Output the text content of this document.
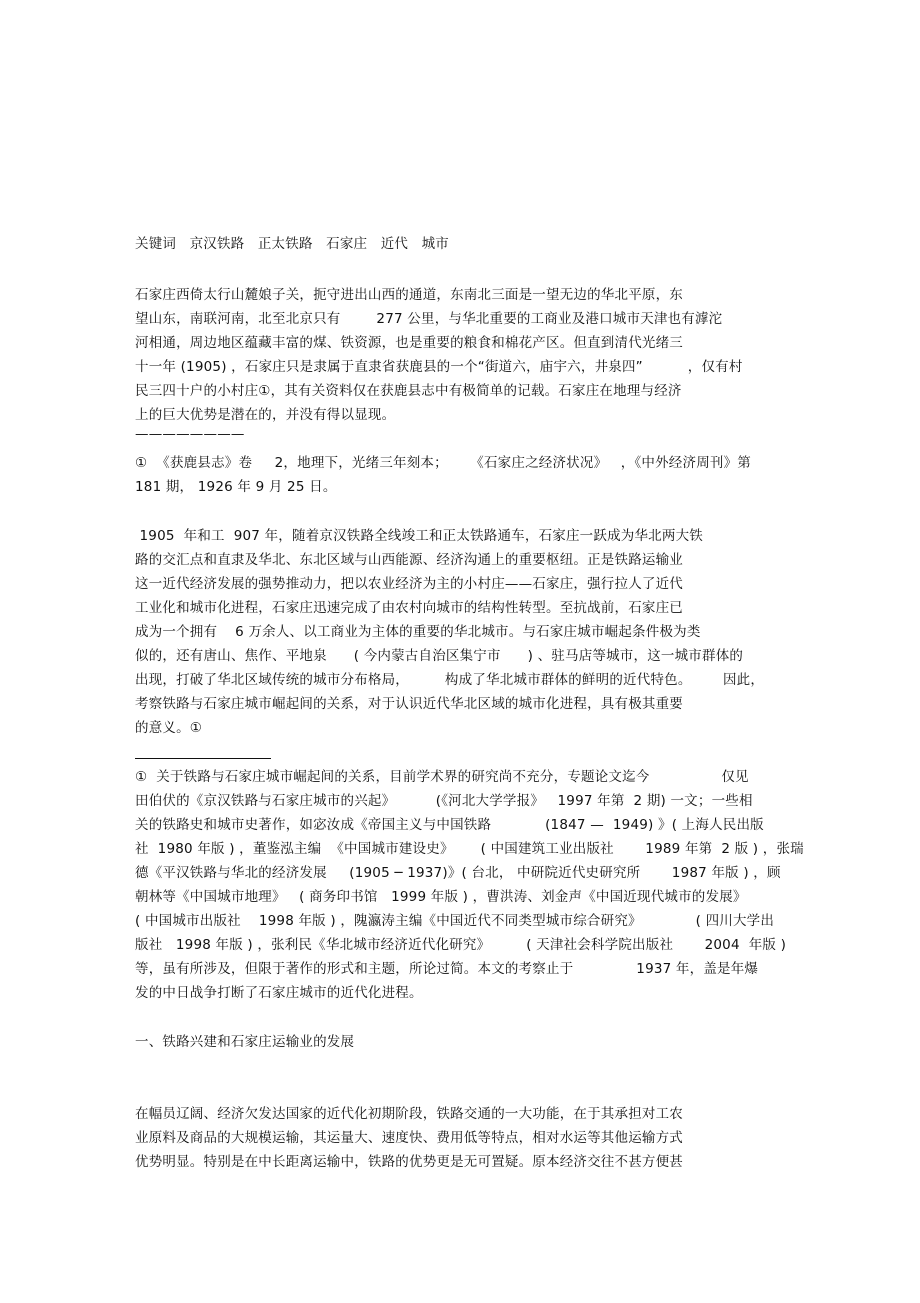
关键词   京汉铁路   正太铁路   石家庄   近代   城市
石家庄西倚太行山麓娘子关，扼守进出山西的通道，东南北三面是一望无边的华北平原，东
望山东，南联河南，北至北京只有        277 公里，与华北重要的工商业及港口城市天津也有滹沱
河相通，周边地区蕴藏丰富的煤、铁资源，也是重要的粮食和棉花产区。但直到清代光绪三
十一年 (1905) ，石家庄只是隶属于直隶省获鹿县的一个“街道六，庙宇六，井泉四”          ，仅有村
民三四十户的小村庄①，其有关资料仅在获鹿县志中有极简单的记载。石家庄在地理与经济
上的巨大优势是潜在的，并没有得以显现。
————————
①  《获鹿县志》卷     2，地理下，光绪三年刻本；     《石家庄之经济状况》   ，《中外经济周刊》第
181 期， 1926 年 9 月 25 日。
1905  年和工  907 年，随着京汉铁路全线竣工和正太铁路通车，石家庄一跃成为华北两大铁
路的交汇点和直隶及华北、东北区域与山西能源、经济沟通上的重要枢纽。正是铁路运输业
这一近代经济发展的强势推动力，把以农业经济为主的小村庄——石家庄，强行拉人了近代
工业化和城市化进程，石家庄迅速完成了由农村向城市的结构性转型。至抗战前，石家庄已
成为一个拥有    6 万余人、以工商业为主体的重要的华北城市。与石家庄城市崛起条件极为类
似的，还有唐山、焦作、平地泉      ( 今内蒙古自治区集宁市      ) 、驻马店等城市，这一城市群体的
出现，打破了华北区域传统的城市分布格局，        构成了华北城市群体的鲜明的近代特色。       因此，
考察铁路与石家庄城市崛起间的关系，对于认识近代华北区域的城市化进程，具有极其重要
的意义。①
①  关于铁路与石家庄城市崛起间的关系，目前学术界的研究尚不充分，专题论文迄今                仅见
田伯伏的《京汉铁路与石家庄城市的兴起》         (《河北大学学报》   1997 年第  2 期) 一文；一些相
关的铁路史和城市史著作，如宓汝成《帝国主义与中国铁路            (1847 —  1949) 》( 上海人民出版
社  1980 年版 ) ，董鉴泓主编  《中国城市建设史》      ( 中国建筑工业出版社       1989 年第  2 版 ) ，张瑞
德《平汉铁路与华北的经济发展     (1905 ─ 1937)》( 台北， 中研院近代史研究所       1987 年版 ) ，顾
朝林等《中国城市地理》   ( 商务印书馆   1999 年版 ) ，曹洪涛、刘金声《中国近现代城市的发展》
( 中国城市出版社    1998 年版 ) ，隗瀛涛主编《中国近代不同类型城市综合研究》            ( 四川大学出
版社   1998 年版 ) ，张利民《华北城市经济近代化研究》        ( 天津社会科学院出版社       2004  年版 )
等，虽有所涉及，但限于著作的形式和主题，所论过简。本文的考察止于              1937 年，盖是年爆
发的中日战争打断了石家庄城市的近代化进程。
一、铁路兴建和石家庄运输业的发展
在幅员辽阔、经济欠发达国家的近代化初期阶段，铁路交通的一大功能，在于其承担对工农
业原料及商品的大规模运输，其运量大、速度快、费用低等特点，相对水运等其他运输方式
优势明显。特别是在中长距离运输中，铁路的优势更是无可置疑。原本经济交往不甚方便甚
